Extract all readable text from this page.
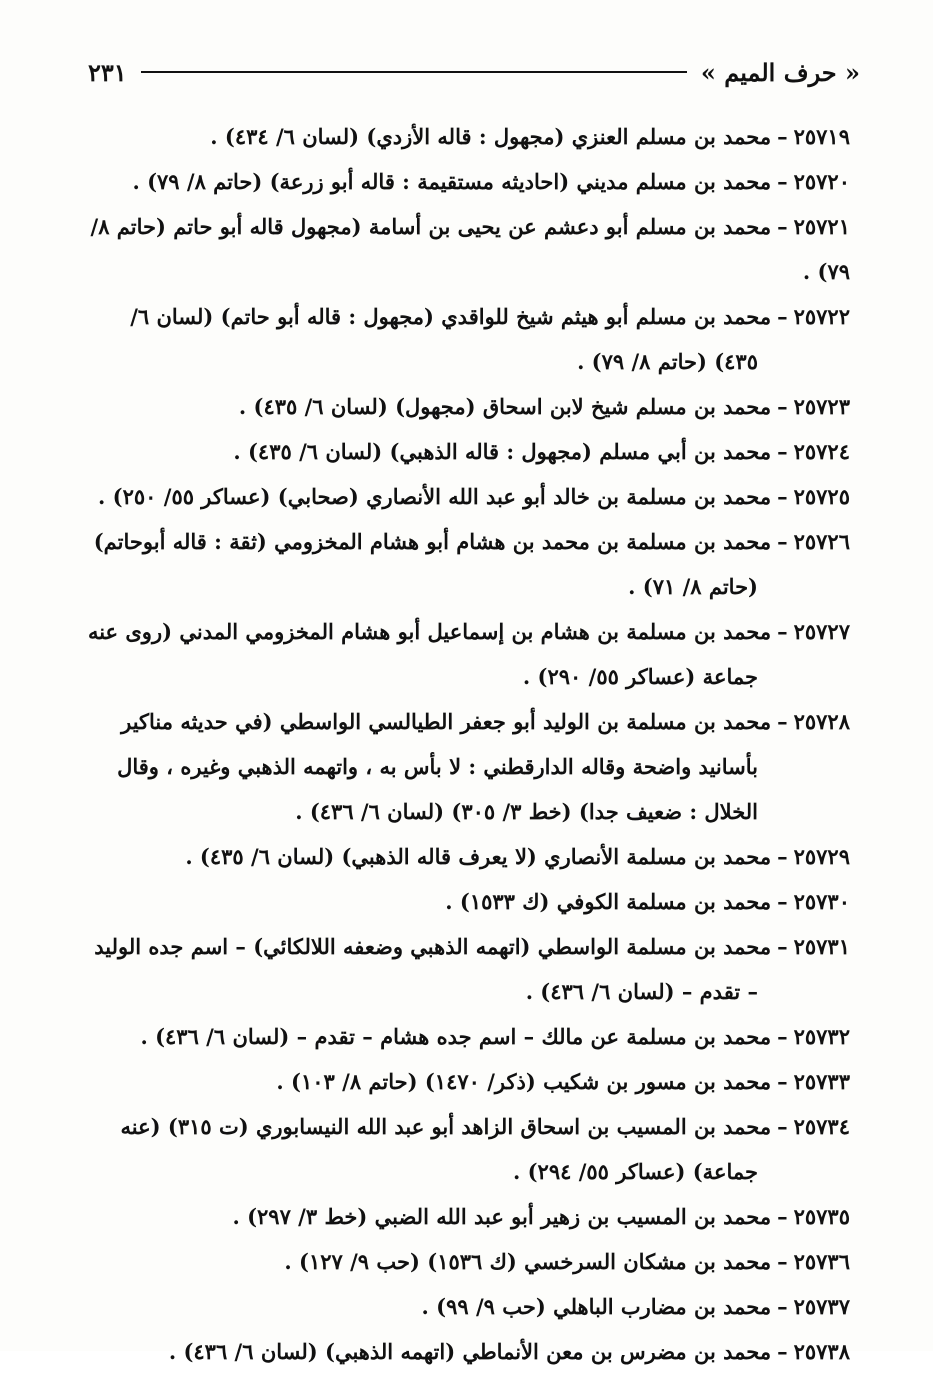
« حرف الميم »
٢٣١
٢٥٧١٩–محمد بن مسلم العنزي (مجهول : قاله الأزدي) (لسان ٦/ ٤٣٤) .
٢٥٧٢٠–محمد بن مسلم مديني (احاديثه مستقيمة : قاله أبو زرعة) (حاتم ٨/ ٧٩) .
٢٥٧٢١–محمد بن مسلم أبو دعشم عن يحيى بن أسامة (مجهول قاله أبو حاتم (حاتم ٨/ ٧٩) .
٢٥٧٢٢–محمد بن مسلم أبو هيثم شيخ للواقدي (مجهول : قاله أبو حاتم) (لسان ٦/ ٤٣٥) (حاتم ٨/ ٧٩) .
٢٥٧٢٣–محمد بن مسلم شيخ لابن اسحاق (مجهول) (لسان ٦/ ٤٣٥) .
٢٥٧٢٤–محمد بن أبي مسلم (مجهول : قاله الذهبي) (لسان ٦/ ٤٣٥) .
٢٥٧٢٥–محمد بن مسلمة بن خالد أبو عبد الله الأنصاري (صحابي) (عساكر ٥٥/ ٢٥٠) .
٢٥٧٢٦–محمد بن مسلمة بن محمد بن هشام أبو هشام المخزومي (ثقة : قاله أبوحاتم) (حاتم ٨/ ٧١) .
٢٥٧٢٧–محمد بن مسلمة بن هشام بن إسماعيل أبو هشام المخزومي المدني (روى عنه جماعة (عساكر ٥٥/ ٢٩٠) .
٢٥٧٢٨–محمد بن مسلمة بن الوليد أبو جعفر الطيالسي الواسطي (في حديثه مناكير بأسانيد واضحة وقاله الدارقطني : لا بأس به ، واتهمه الذهبي وغيره ، وقال الخلال : ضعيف جدا) (خط ٣/ ٣٠٥) (لسان ٦/ ٤٣٦) .
٢٥٧٢٩–محمد بن مسلمة الأنصاري (لا يعرف قاله الذهبي) (لسان ٦/ ٤٣٥) .
٢٥٧٣٠–محمد بن مسلمة الكوفي (ك ١٥٣٣) .
٢٥٧٣١–محمد بن مسلمة الواسطي (اتهمه الذهبي وضعفه اللالكائي) – اسم جده الوليد – تقدم – (لسان ٦/ ٤٣٦) .
٢٥٧٣٢–محمد بن مسلمة عن مالك – اسم جده هشام – تقدم – (لسان ٦/ ٤٣٦) .
٢٥٧٣٣–محمد بن مسور بن شكيب (ذكر/ ١٤٧٠) (حاتم ٨/ ١٠٣) .
٢٥٧٣٤–محمد بن المسيب بن اسحاق الزاهد أبو عبد الله النيسابوري (ت ٣١٥) (عنه جماعة) (عساكر ٥٥/ ٢٩٤) .
٢٥٧٣٥–محمد بن المسيب بن زهير أبو عبد الله الضبي (خط ٣/ ٢٩٧) .
٢٥٧٣٦–محمد بن مشكان السرخسي (ك ١٥٣٦) (حب ٩/ ١٢٧) .
٢٥٧٣٧–محمد بن مضارب الباهلي (حب ٩/ ٩٩) .
٢٥٧٣٨–محمد بن مضرس بن معن الأنماطي (اتهمه الذهبي) (لسان ٦/ ٤٣٦) .
